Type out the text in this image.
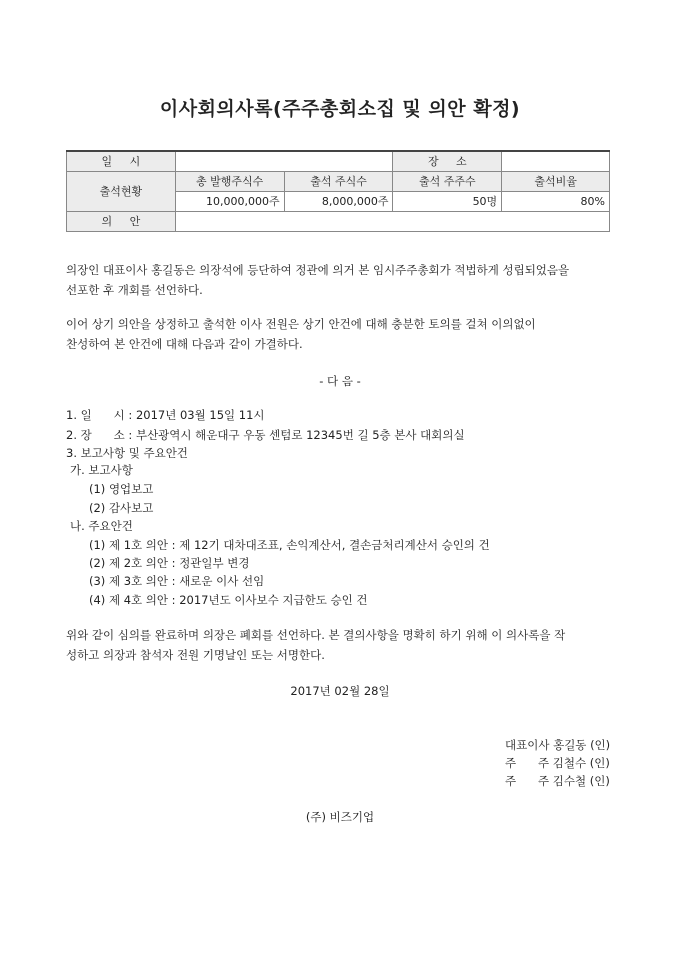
이사회의사록(주주총회소집 및 의안 확정)
일 시			장 소	
출석현황	총 발행주식수	출석 주식수	출석 주주수	출석비율
	10,000,000주	8,000,000주	50명	80%
의 안				
의장인 대표이사 홍길동은 의장석에 등단하여 정관에 의거 본 임시주주총회가 적법하게 성립되었음을
선포한 후 개회를 선언하다.
이어 상기 의안을 상정하고 출석한 이사 전원은 상기 안건에 대해 충분한 토의를 걸쳐 이의없이
찬성하여 본 안건에 대해 다음과 같이 가결하다.
- 다 음 -
1. 일      시 : 2017년 03월 15일 11시
2. 장      소 : 부산광역시 해운대구 우동 센텀로 12345번 길 5층 본사 대회의실
3. 보고사항 및 주요안건
가. 보고사항
(1) 영업보고
(2) 감사보고
나. 주요안건
(1) 제 1호 의안 : 제 12기 대차대조표, 손익계산서, 결손금처리계산서 승인의 건
(2) 제 2호 의안 : 정관일부 변경
(3) 제 3호 의안 : 새로운 이사 선임
(4) 제 4호 의안 : 2017년도 이사보수 지급한도 승인 건
위와 같이 심의를 완료하며 의장은 폐회를 선언하다. 본 결의사항을 명확히 하기 위해 이 의사록을 작
성하고 의장과 참석자 전원 기명날인 또는 서명한다.
2017년 02월 28일
대표이사 홍길동 (인)
주      주 김철수 (인)
주      주 김수철 (인)
(주) 비즈기업
